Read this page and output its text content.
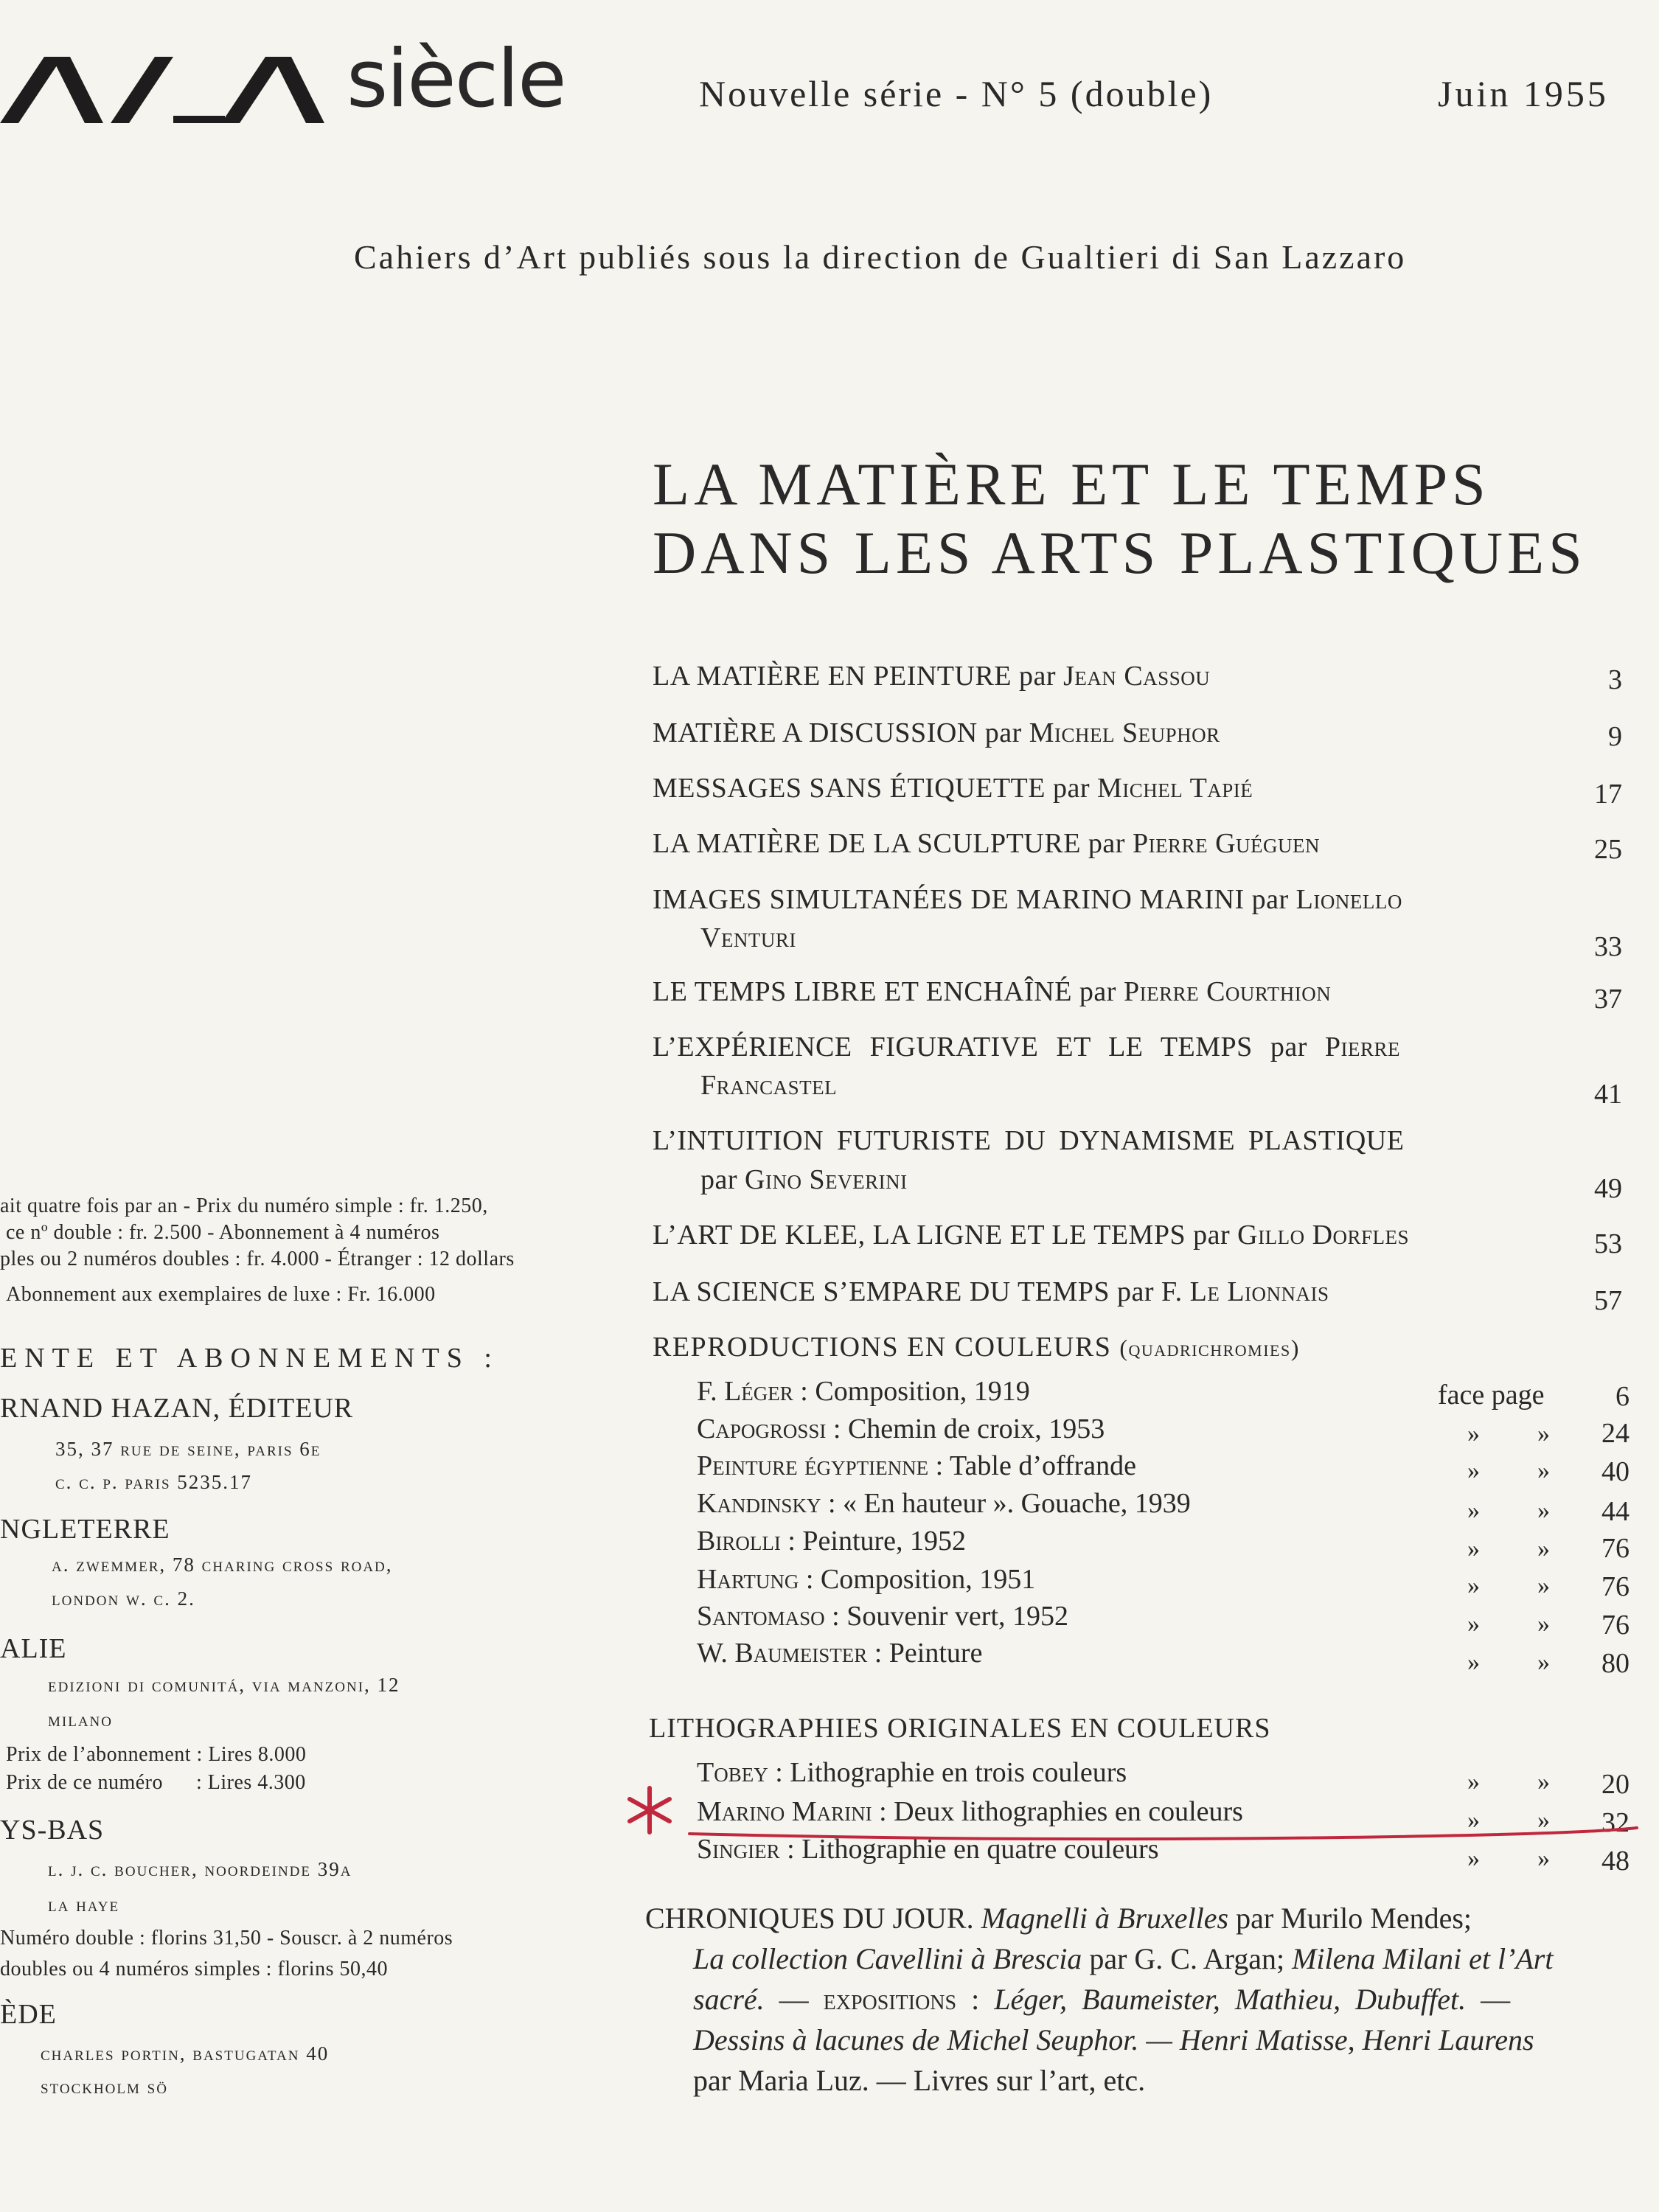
siècle	Nouvelle série - N° 5 (double)	Juin 1955
Cahiers d’Art publiés sous la direction de Gualtieri di San Lazzaro
LA MATIÈRE ET LE TEMPS
DANS LES ARTS PLASTIQUES
LA MATIÈRE EN PEINTURE par Jean Cassou	3
MATIÈRE A DISCUSSION par Michel Seuphor	9
MESSAGES SANS ÉTIQUETTE par Michel Tapié	17
LA MATIÈRE DE LA SCULPTURE par Pierre Guéguen	25
IMAGES SIMULTANÉES DE MARINO MARINI par Lionello
Venturi	33
LE TEMPS LIBRE ET ENCHAÎNÉ par Pierre Courthion	37
L’EXPÉRIENCE FIGURATIVE ET LE TEMPS par Pierre
Francastel	41
L’INTUITION FUTURISTE DU DYNAMISME PLASTIQUE
par Gino Severini	49
L’ART DE KLEE, LA LIGNE ET LE TEMPS par Gillo Dorfles	53
LA SCIENCE S’EMPARE DU TEMPS par F. Le Lionnais	57
REPRODUCTIONS EN COULEURS (quadrichromies)
F. Léger : Composition, 1919	face page	6
Capogrossi : Chemin de croix, 1953	» »	24
Peinture égyptienne : Table d’offrande	» »	40
Kandinsky : « En hauteur ». Gouache, 1939	» »	44
Birolli : Peinture, 1952	» »	76
Hartung : Composition, 1951	» »	76
Santomaso : Souvenir vert, 1952	» »	76
W. Baumeister : Peinture	» »	80
LITHOGRAPHIES ORIGINALES EN COULEURS
Tobey : Lithographie en trois couleurs	» »	20
Marino Marini : Deux lithographies en couleurs	» »	32
Singier : Lithographie en quatre couleurs	» »	48
CHRONIQUES DU JOUR. Magnelli à Bruxelles par Murilo Mendes;
La collection Cavellini à Brescia par G. C. Argan; Milena Milani et l’Art
sacré. — expositions : Léger, Baumeister, Mathieu, Dubuffet. —
Dessins à lacunes de Michel Seuphor. — Henri Matisse, Henri Laurens
par Maria Luz. — Livres sur l’art, etc.
ait quatre fois par an - Prix du numéro simple : fr. 1.250,
ce nº double : fr. 2.500 - Abonnement à 4 numéros
ples ou 2 numéros doubles : fr. 4.000 - Étranger : 12 dollars
Abonnement aux exemplaires de luxe : Fr. 16.000
ENTE ET ABONNEMENTS :
RNAND HAZAN, ÉDITEUR
35, 37 rue de seine, paris 6e
c. c. p. paris 5235.17
NGLETERRE
a. zwemmer, 78 charing cross road,
london w. c. 2.
ALIE
edizioni di comunitá, via manzoni, 12
milano
Prix de l’abonnement : Lires 8.000
Prix de ce numéro      : Lires 4.300
YS-BAS
l. j. c. boucher, noordeinde 39a
la haye
Numéro double : florins 31,50 - Souscr. à 2 numéros
doubles ou 4 numéros simples : florins 50,40
ÈDE
charles portin, bastugatan 40
stockholm sö
